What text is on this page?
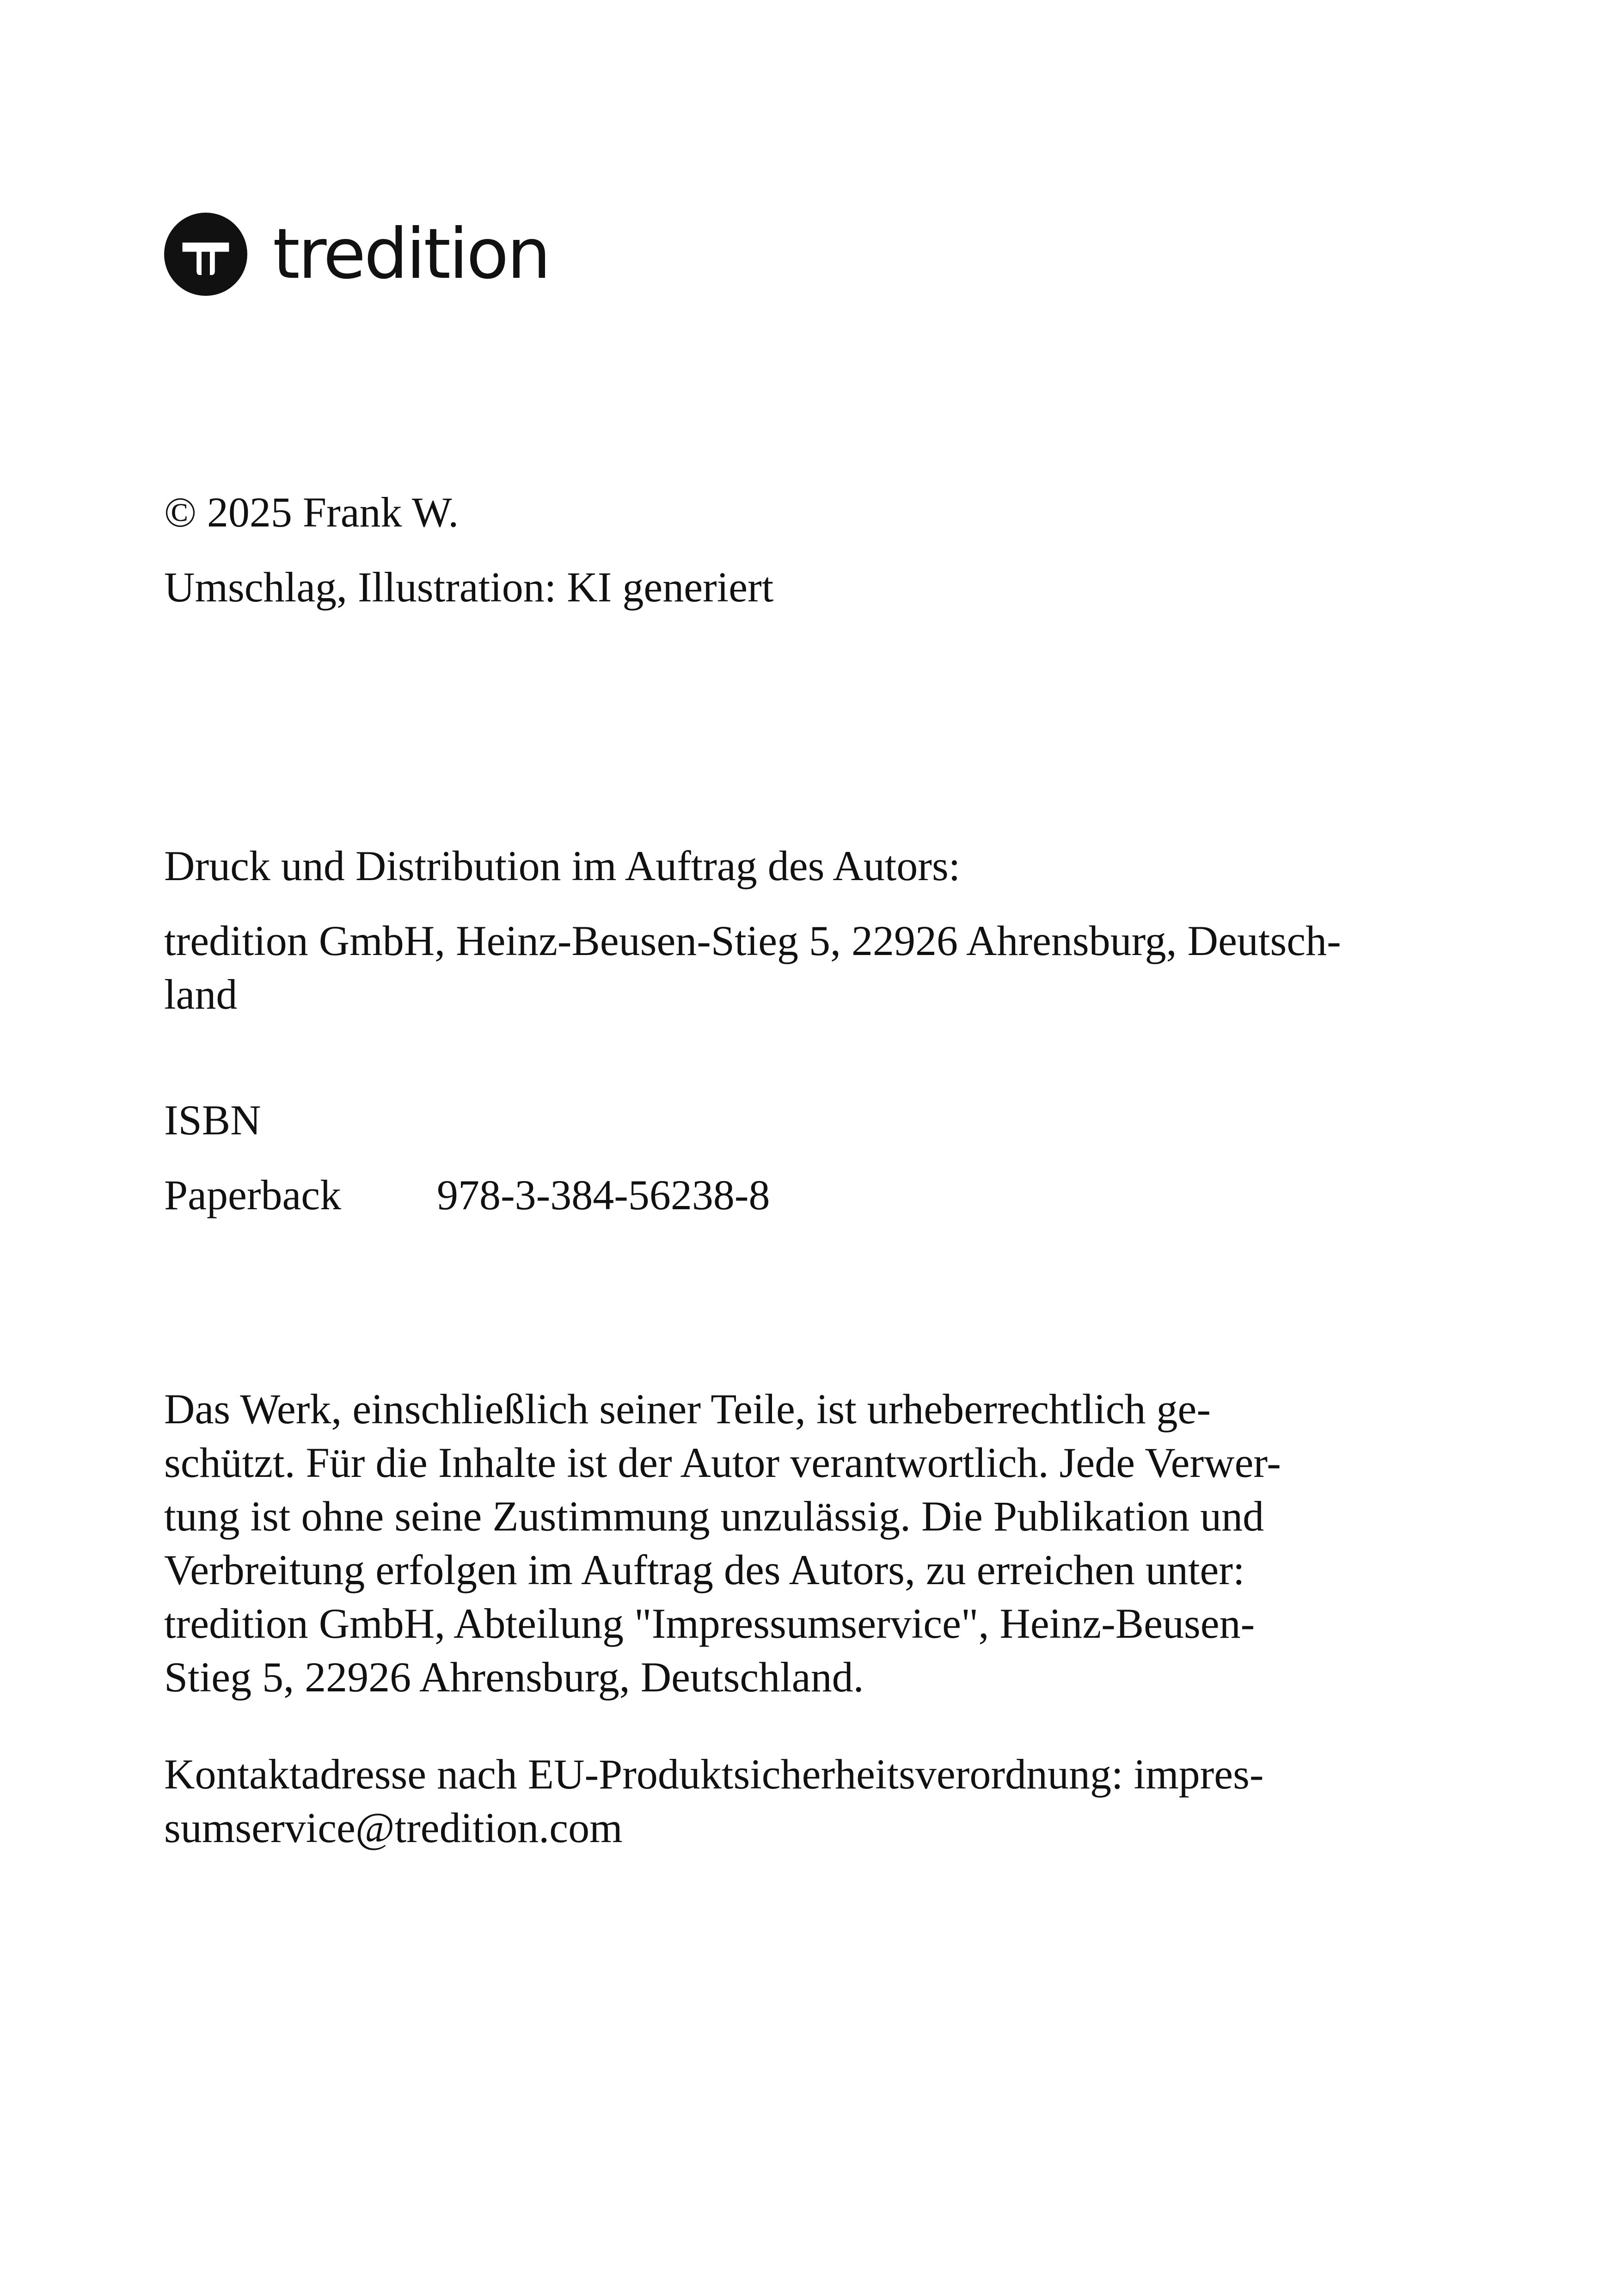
tredition
© 2025 Frank W.
Umschlag, Illustration: KI generiert
Druck und Distribution im Auftrag des Autors:
tredition GmbH, Heinz-Beusen-Stieg 5, 22926 Ahrensburg, Deutsch-
land
ISBN
Paperback	978-3-384-56238-8
Das Werk, einschließlich seiner Teile, ist urheberrechtlich ge-
schützt. Für die Inhalte ist der Autor verantwortlich. Jede Verwer-
tung ist ohne seine Zustimmung unzulässig. Die Publikation und
Verbreitung erfolgen im Auftrag des Autors, zu erreichen unter:
tredition GmbH, Abteilung "Impressumservice", Heinz-Beusen-
Stieg 5, 22926 Ahrensburg, Deutschland.
Kontaktadresse nach EU-Produktsicherheitsverordnung: impres-
sumservice@tredition.com
